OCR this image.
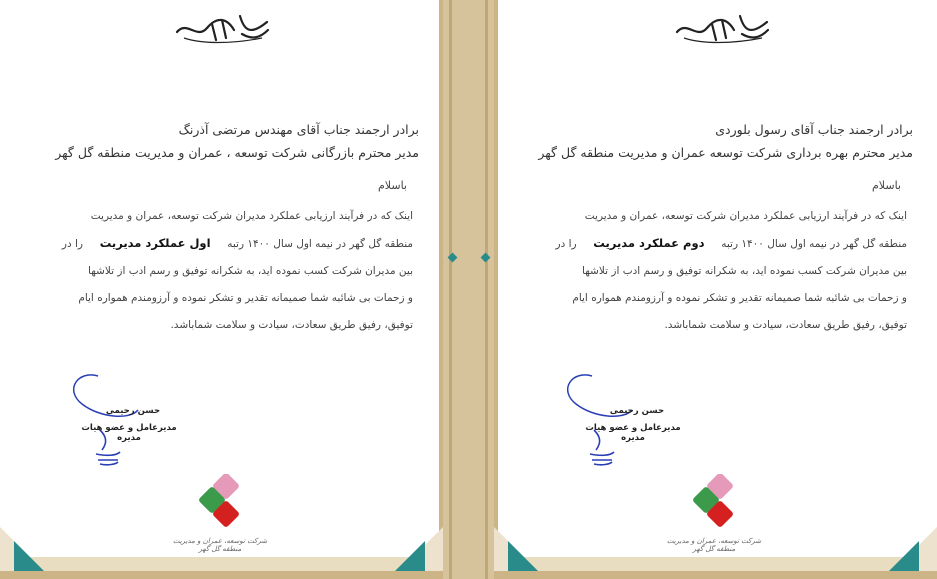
برادر ارجمند جناب آقای مهندس مرتضی آذرنگ
مدیر محترم بازرگانی شرکت توسعه ، عمران و مدیریت منطقه گل گهر
باسلام
اینک که در فرآیند ارزیابی عملکرد مدیران شرکت توسعه، عمران و مدیریت
منطقه گل گهر در نیمه اول سال ۱۴۰۰ رتبه     اول عملکرد مدیریت     را در
بین مدیران شرکت کسب نموده اید، به شکرانه توفیق و رسم ادب از تلاشها
و زحمات بی شائبه شما صمیمانه تقدیر و تشکر نموده و آرزومندم همواره ایام
توفیق، رفیق طریق سعادت، سیادت و سلامت شماباشد.
حسن رحیمی
مدیرعامل و عضو هیات مدیره
شرکت توسعه، عمران و مدیریت منطقه گل گهر
برادر ارجمند جناب آقای رسول بلوردی
مدیر محترم بهره برداری شرکت توسعه عمران و مدیریت منطقه گل گهر
باسلام
اینک که در فرآیند ارزیابی عملکرد مدیران شرکت توسعه، عمران و مدیریت
منطقه گل گهر در نیمه اول سال ۱۴۰۰ رتبه     دوم عملکرد مدیریت     را در
بین مدیران شرکت کسب نموده اید، به شکرانه توفیق و رسم ادب از تلاشها
و زحمات بی شائبه شما صمیمانه تقدیر و تشکر نموده و آرزومندم همواره ایام
توفیق، رفیق طریق سعادت، سیادت و سلامت شماباشد.
حسن رحیمی
مدیرعامل و عضو هیات مدیره
شرکت توسعه، عمران و مدیریت منطقه گل گهر
